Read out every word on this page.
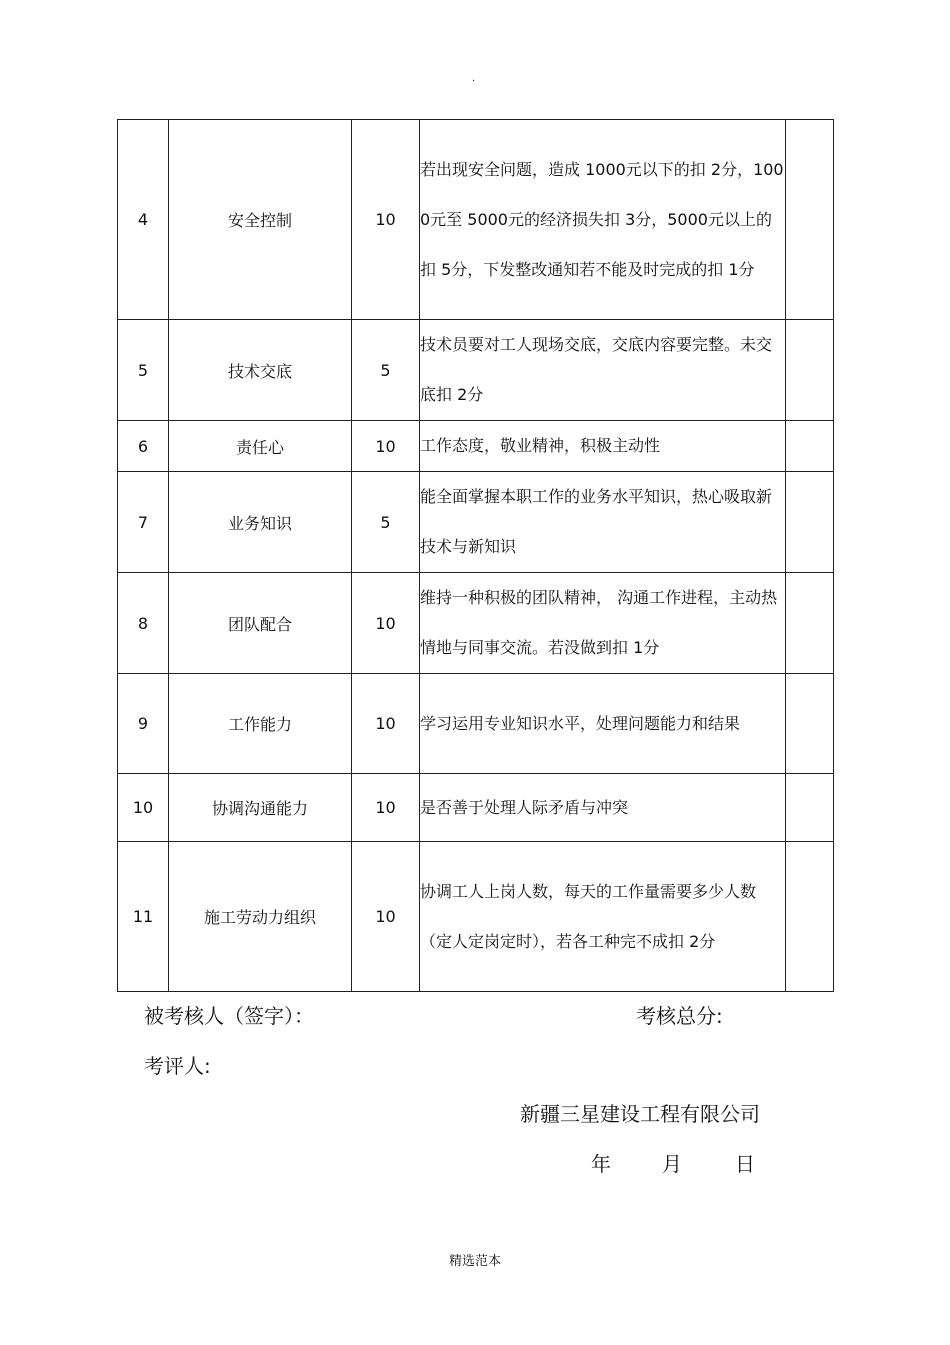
.
4	安全控制	10	若出现安全问题，造成 1000元以下的扣 2分，1000元至 5000元的经济损失扣 3分，5000元以上的扣 5分，下发整改通知若不能及时完成的扣 1分	
5	技术交底	5	技术员要对工人现场交底，交底内容要完整。未交底扣 2分	
6	责任心	10	工作态度，敬业精神，积极主动性	
7	业务知识	5	能全面掌握本职工作的业务水平知识，热心吸取新技术与新知识	
8	团队配合	10	维持一种积极的团队精神， 沟通工作进程，主动热情地与同事交流。若没做到扣 1分	
9	工作能力	10	学习运用专业知识水平，处理问题能力和结果	
10	协调沟通能力	10	是否善于处理人际矛盾与冲突	
11	施工劳动力组织	10	协调工人上岗人数，每天的工作量需要多少人数（定人定岗定时），若各工种完不成扣 2分	
被考核人（签字）：	考核总分:
考评人:
新疆三星建设工程有限公司
年	月	日
精选范本
